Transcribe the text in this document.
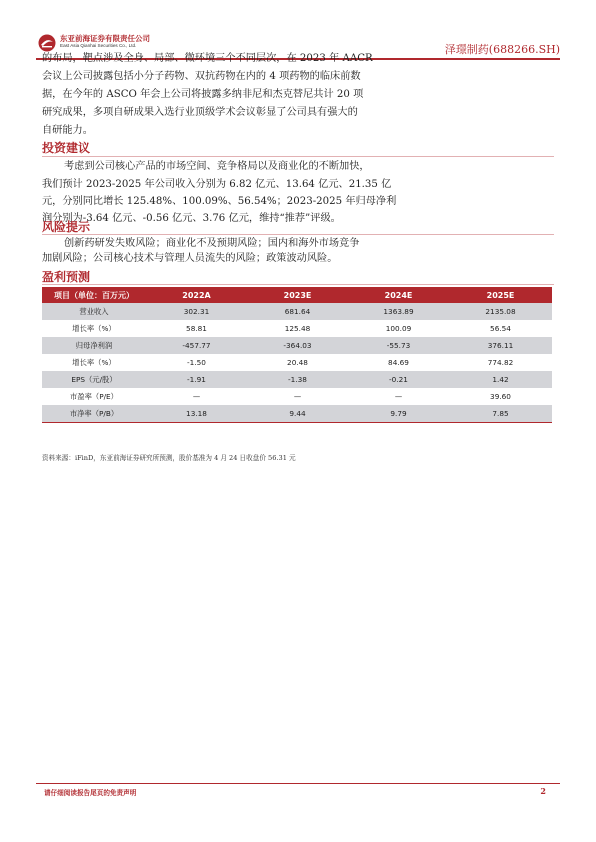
东亚前海证券有限责任公司
East Asia Qianhai Securities Co., Ltd.	泽璟制药(688266.SH)

的布局，靶点涉及全身、局部、微环境三个不同层次，在 2023 年 AACR

会议上公司披露包括小分子药物、双抗药物在内的 4 项药物的临床前数

据，在今年的 ASCO 年会上公司将披露多纳非尼和杰克替尼共计 20 项

研究成果，多项自研成果入选行业顶级学术会议彰显了公司具有强大的

自研能力。

投资建议

考虑到公司核心产品的市场空间、竞争格局以及商业化的不断加快，

我们预计 2023-2025 年公司收入分别为 6.82 亿元、13.64 亿元、21.35 亿

元，分别同比增长 125.48%、100.09%、56.54%；2023-2025 年归母净利

润分别为-3.64 亿元、-0.56 亿元、3.76 亿元，维持“推荐”评级。

风险提示

创新药研发失败风险；商业化不及预期风险；国内和海外市场竞争

加剧风险；公司核心技术与管理人员流失的风险；政策波动风险。

盈利预测
项目（单位：百万元）	2022A	2023E	2024E	2025E
营业收入	302.31	681.64	1363.89	2135.08
增长率（%）	58.81	125.48	100.09	56.54
归母净利润	-457.77	-364.03	-55.73	376.11
增长率（%）	-1.50	20.48	84.69	774.82
EPS（元/股）	-1.91	-1.38	-0.21	1.42
市盈率（P/E）	—	—	—	39.60
市净率（P/B）	13.18	9.44	9.79	7.85
资料来源：iFinD，东亚前海证券研究所预测，股价基准为 4 月 24 日收盘价 56.31 元
请仔细阅读报告尾页的免责声明	2
